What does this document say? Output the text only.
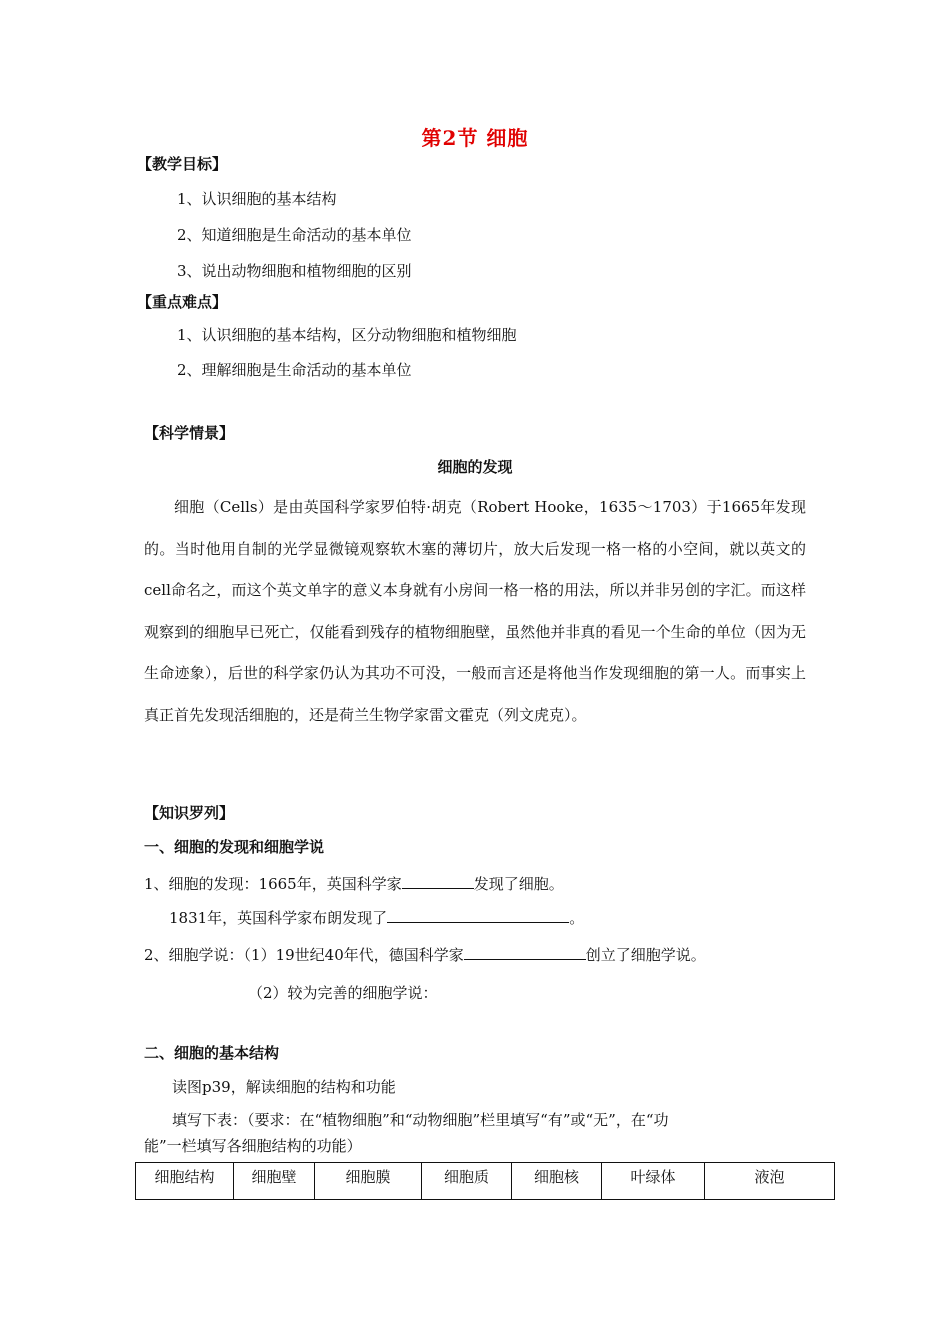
第2节 细胞
【教学目标】
1、认识细胞的基本结构
2、知道细胞是生命活动的基本单位
3、说出动物细胞和植物细胞的区别
【重点难点】
1、认识细胞的基本结构，区分动物细胞和植物细胞
2、理解细胞是生命活动的基本单位
【科学情景】
细胞的发现
细胞（Cells）是由英国科学家罗伯特·胡克（Robert Hooke，1635～1703）于1665年发现的。当时他用自制的光学显微镜观察软木塞的薄切片，放大后发现一格一格的小空间，就以英文的cell命名之，而这个英文单字的意义本身就有小房间一格一格的用法，所以并非另创的字汇。而这样观察到的细胞早已死亡，仅能看到残存的植物细胞壁，虽然他并非真的看见一个生命的单位（因为无生命迹象），后世的科学家仍认为其功不可没，一般而言还是将他当作发现细胞的第一人。而事实上真正首先发现活细胞的，还是荷兰生物学家雷文霍克（列文虎克）。
【知识罗列】
一、细胞的发现和细胞学说
1、细胞的发现：1665年，英国科学家	发现了细胞。
1831年，英国科学家布朗发现了	。
2、细胞学说：（1）19世纪40年代，德国科学家	创立了细胞学说。
（2）较为完善的细胞学说：
二、细胞的基本结构
读图p39，解读细胞的结构和功能
填写下表：（要求：在“植物细胞”和“动物细胞”栏里填写“有”或“无”，在“功
能”一栏填写各细胞结构的功能）
细胞结构	细胞壁	细胞膜	细胞质	细胞核	叶绿体	液泡
